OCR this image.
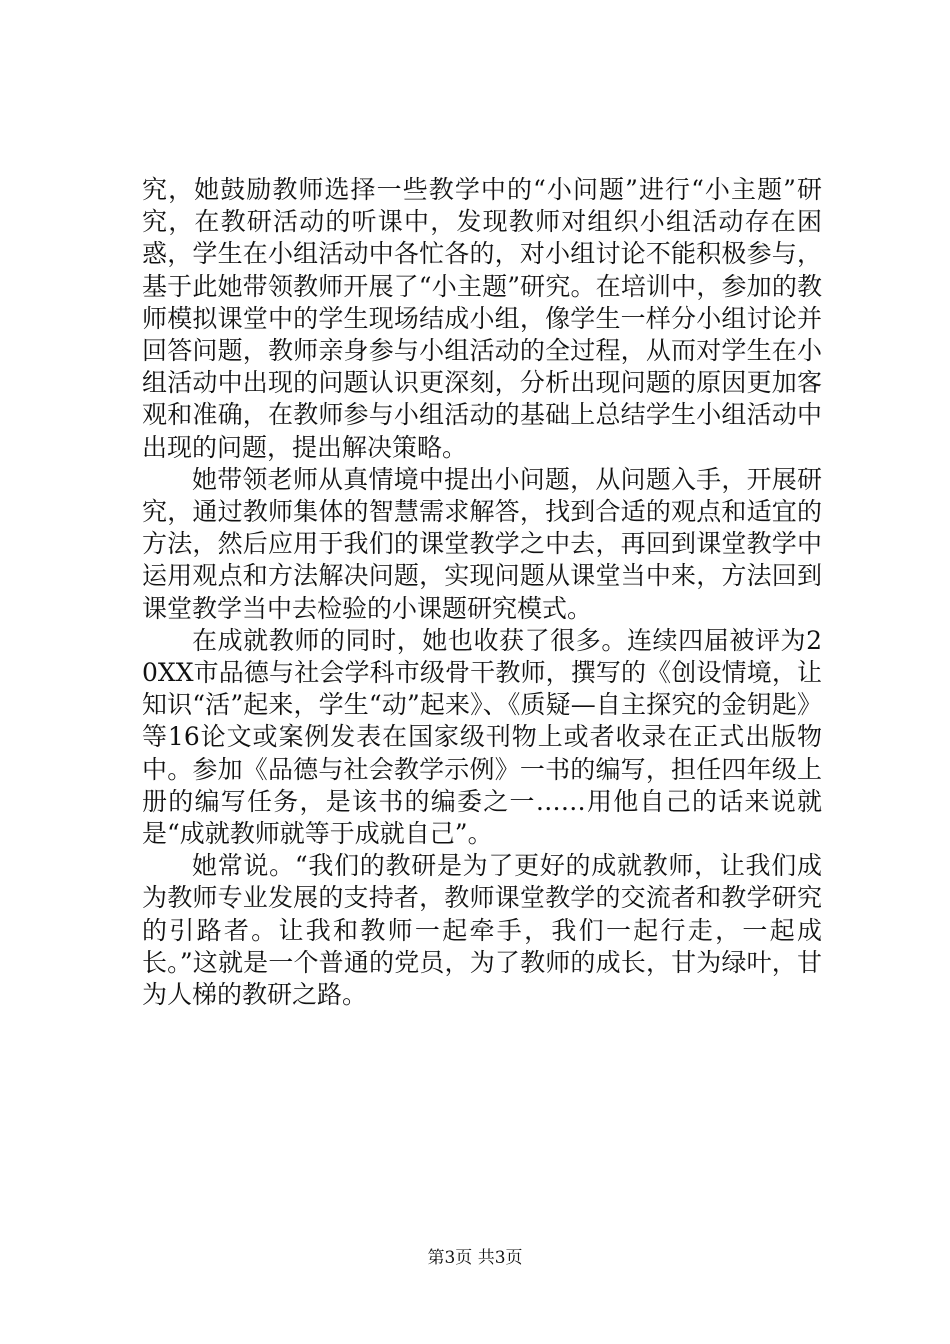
究，她鼓励教师选择一些教学中的“小问题”进行“小主题”研究，在教研活动的听课中，发现教师对组织小组活动存在困惑，学生在小组活动中各忙各的，对小组讨论不能积极参与，基于此她带领教师开展了“小主题”研究。在培训中，参加的教师模拟课堂中的学生现场结成小组，像学生一样分小组讨论并回答问题，教师亲身参与小组活动的全过程，从而对学生在小组活动中出现的问题认识更深刻，分析出现问题的原因更加客观和准确，在教师参与小组活动的基础上总结学生小组活动中出现的问题，提出解决策略。

她带领老师从真情境中提出小问题，从问题入手，开展研究，通过教师集体的智慧需求解答，找到合适的观点和适宜的方法，然后应用于我们的课堂教学之中去，再回到课堂教学中运用观点和方法解决问题，实现问题从课堂当中来，方法回到课堂教学当中去检验的小课题研究模式。

在成就教师的同时，她也收获了很多。连续四届被评为20XX市品德与社会学科市级骨干教师，撰写的《创设情境，让知识“活”起来，学生“动”起来》、《质疑—自主探究的金钥匙》等16论文或案例发表在国家级刊物上或者收录在正式出版物中。参加《品德与社会教学示例》一书的编写，担任四年级上册的编写任务，是该书的编委之一……用他自己的话来说就是“成就教师就等于成就自己”。

她常说。“我们的教研是为了更好的成就教师，让我们成为教师专业发展的支持者，教师课堂教学的交流者和教学研究的引路者。让我和教师一起牵手，我们一起行走，一起成长。”这就是一个普通的党员，为了教师的成长，甘为绿叶，甘为人梯的教研之路。

第3页 共3页
